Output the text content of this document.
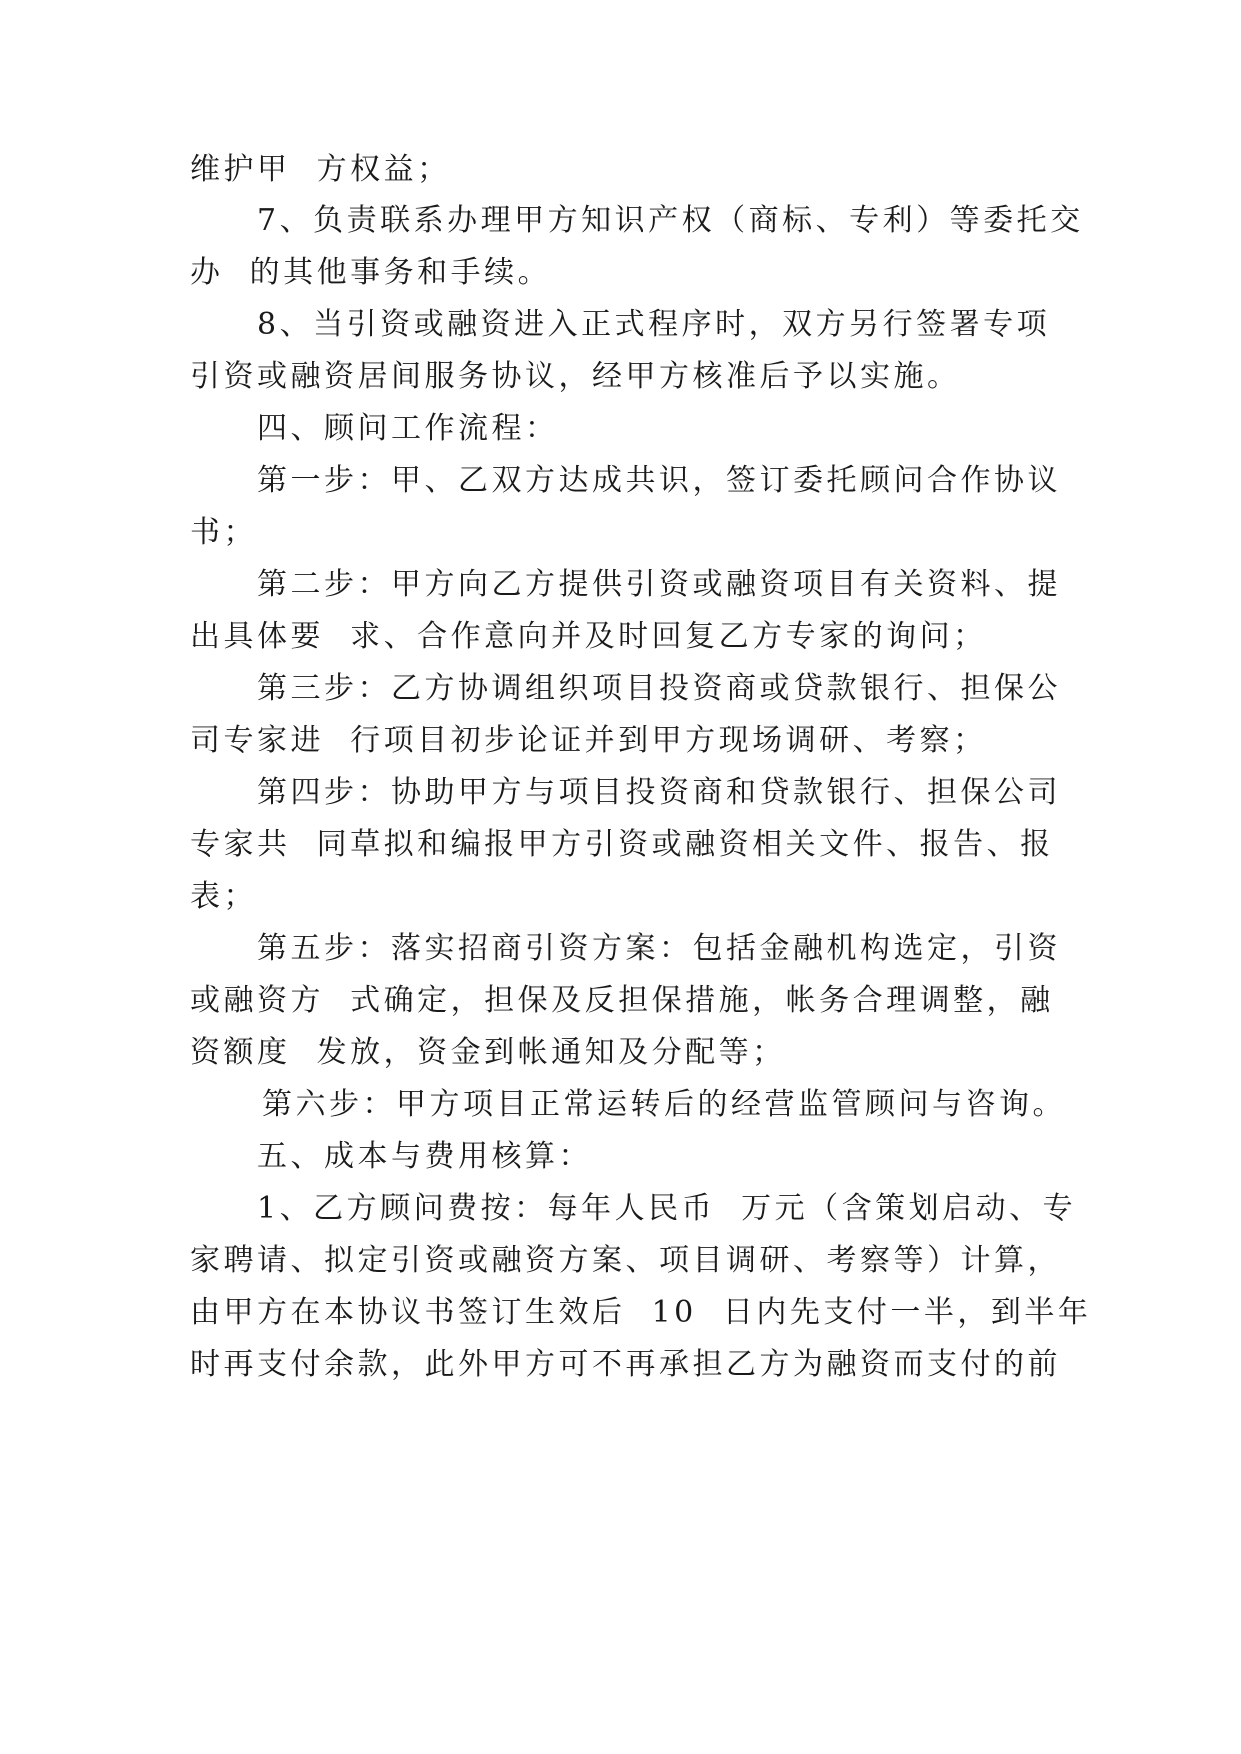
维护甲  方权益；
7、负责联系办理甲方知识产权（商标、专利）等委托交
办  的其他事务和手续。
8、当引资或融资进入正式程序时，双方另行签署专项
引资或融资居间服务协议，经甲方核准后予以实施。
四、顾问工作流程：
第一步：甲、乙双方达成共识，签订委托顾问合作协议
书；
第二步：甲方向乙方提供引资或融资项目有关资料、提
出具体要  求、合作意向并及时回复乙方专家的询问；
第三步：乙方协调组织项目投资商或贷款银行、担保公
司专家进  行项目初步论证并到甲方现场调研、考察；
第四步：协助甲方与项目投资商和贷款银行、担保公司
专家共  同草拟和编报甲方引资或融资相关文件、报告、报
表；
第五步：落实招商引资方案：包括金融机构选定，引资
或融资方  式确定，担保及反担保措施，帐务合理调整，融
资额度  发放，资金到帐通知及分配等；
第六步：甲方项目正常运转后的经营监管顾问与咨询。
五、成本与费用核算：
1、乙方顾问费按：每年人民币  万元（含策划启动、专
家聘请、拟定引资或融资方案、项目调研、考察等）计算，
由甲方在本协议书签订生效后  10  日内先支付一半，到半年
时再支付余款，此外甲方可不再承担乙方为融资而支付的前
